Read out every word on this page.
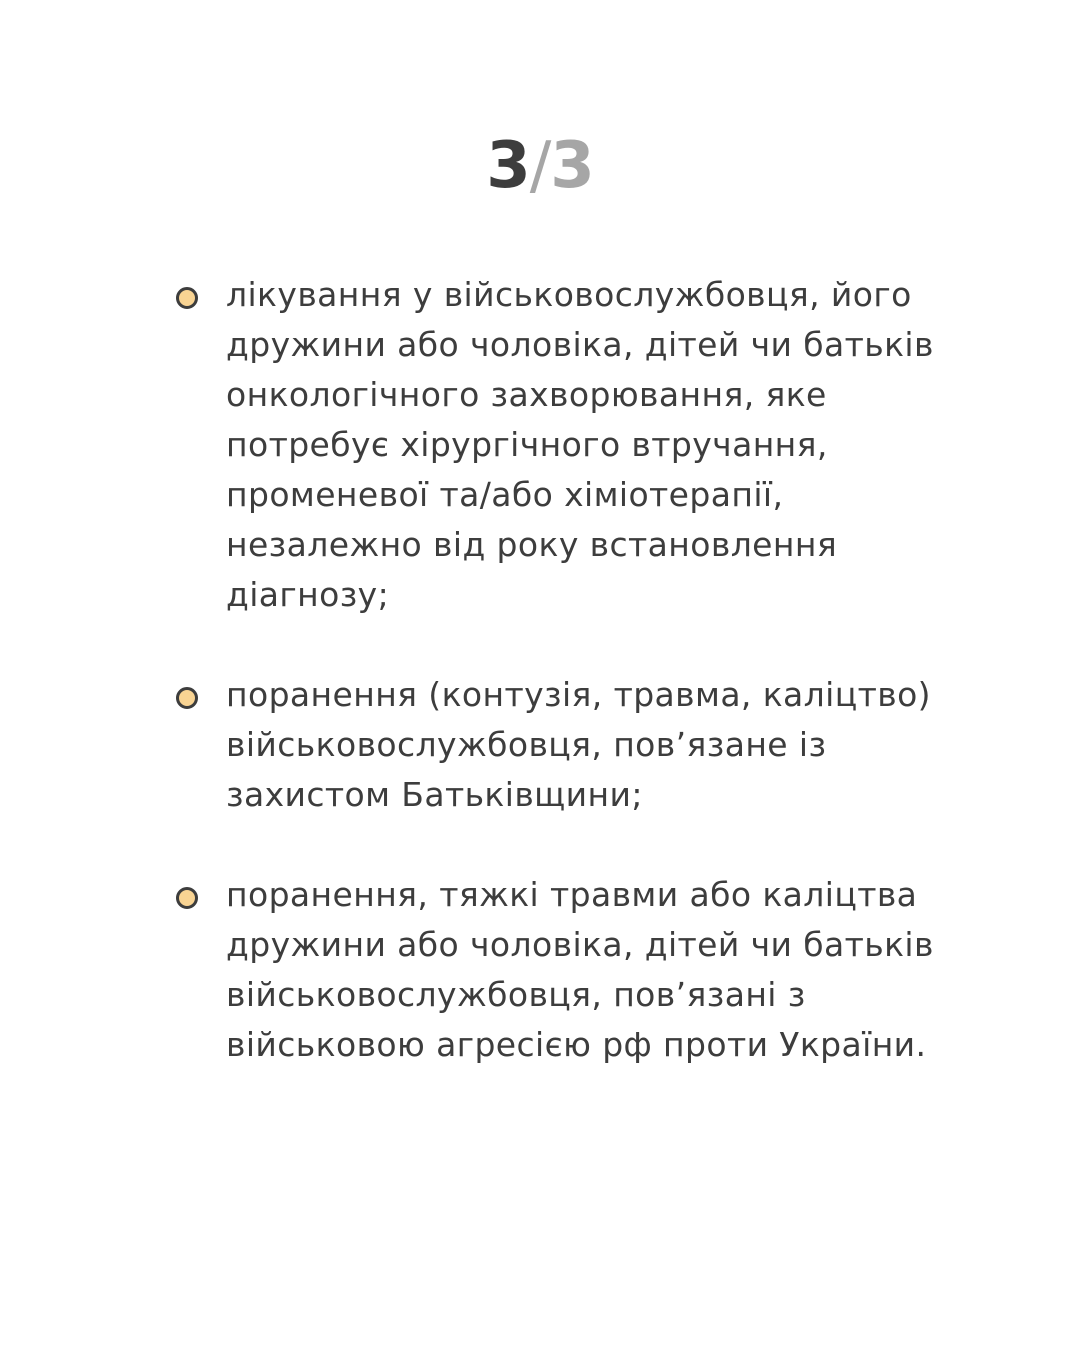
3/3
лікування у військовослужбовця, його
дружини або чоловіка, дітей чи батьків
онкологічного захворювання, яке
потребує хірургічного втручання,
променевої та/або хіміотерапії,
незалежно від року встановлення
діагнозу;
поранення (контузія, травма, каліцтво)
військовослужбовця, пов’язане із
захистом Батьківщини;
поранення, тяжкі травми або каліцтва
дружини або чоловіка, дітей чи батьків
військовослужбовця, пов’язані з
військовою агресією рф проти України.
